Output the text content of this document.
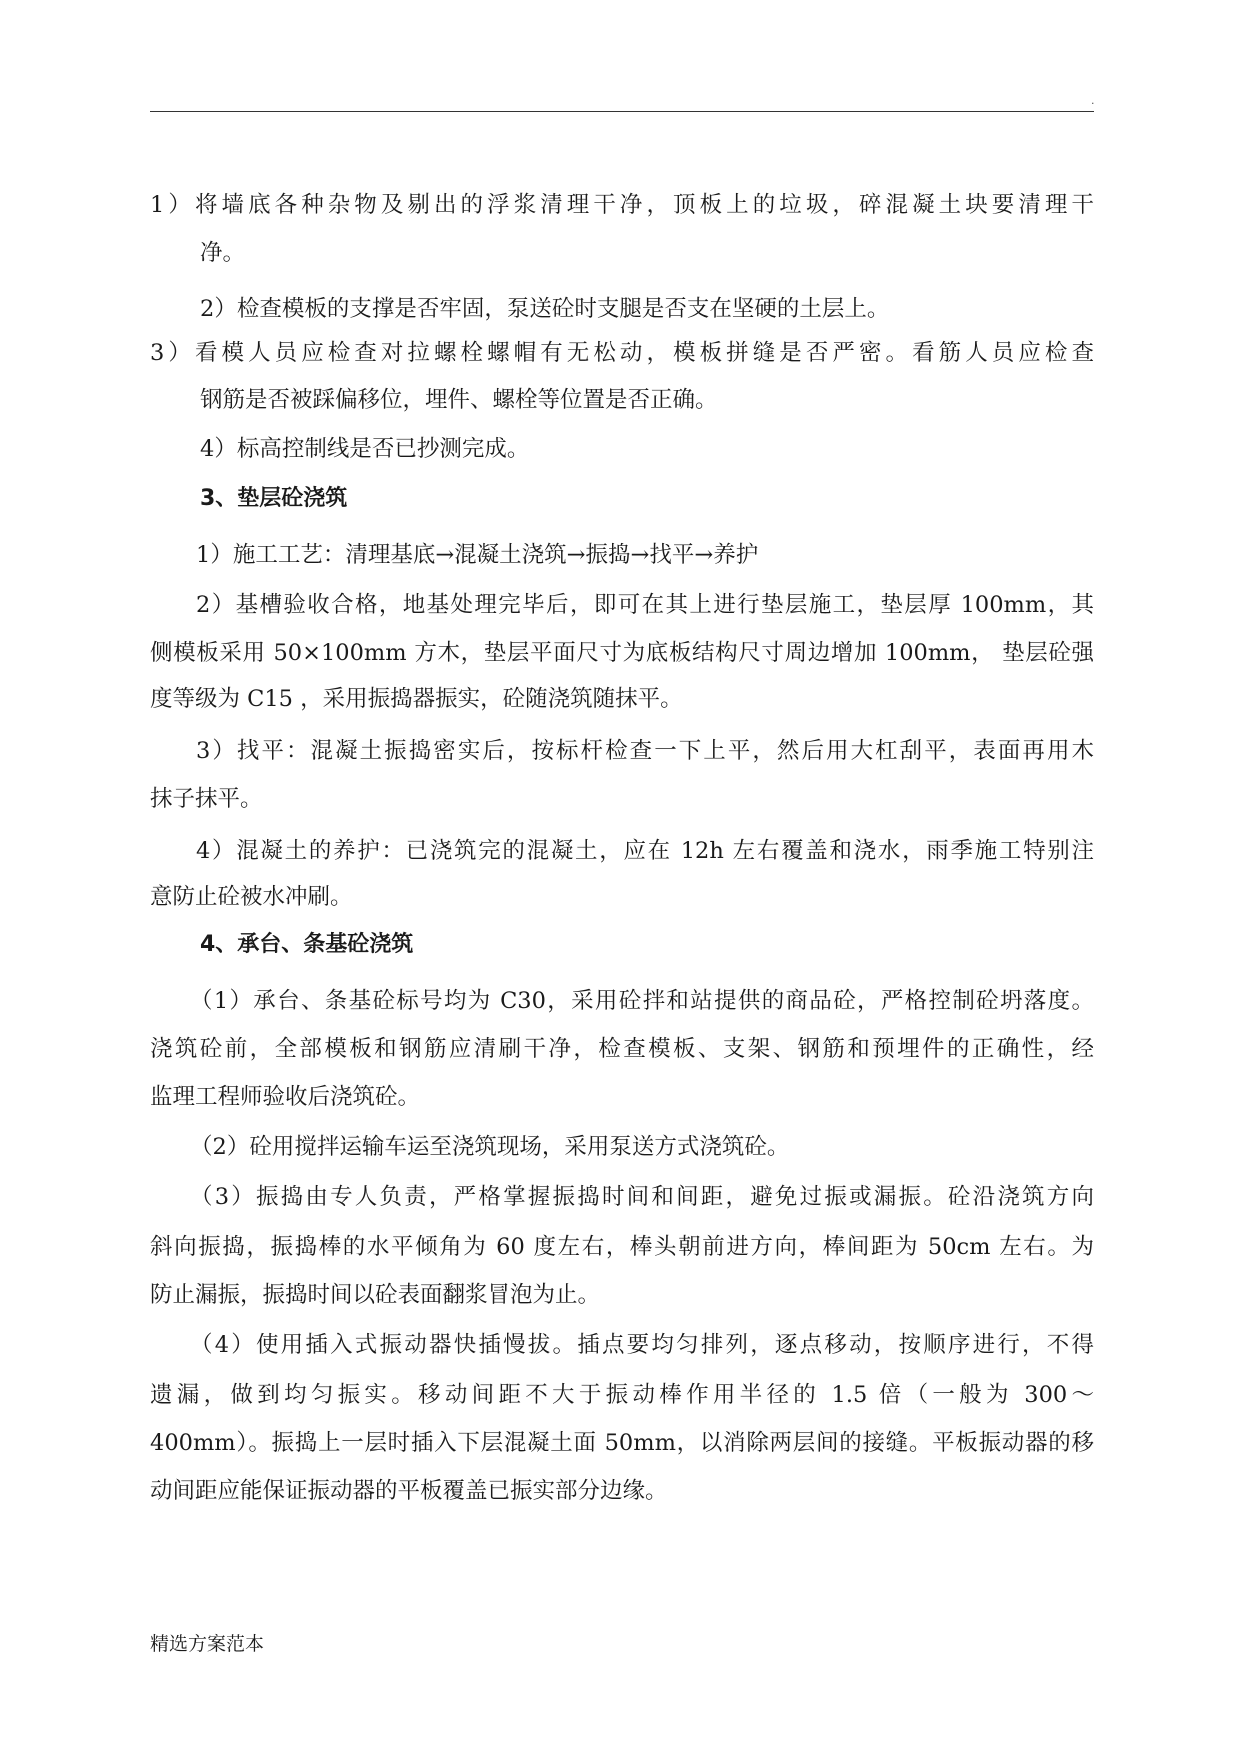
.
1）将墙底各种杂物及剔出的浮浆清理干净，顶板上的垃圾，碎混凝土块要清理干
净。
2）检查模板的支撑是否牢固，泵送砼时支腿是否支在坚硬的土层上。
3）看模人员应检查对拉螺栓螺帽有无松动，模板拼缝是否严密。看筋人员应检查
钢筋是否被踩偏移位，埋件、螺栓等位置是否正确。
4）标高控制线是否已抄测完成。
3、垫层砼浇筑
1）施工工艺：清理基底→混凝土浇筑→振捣→找平→养护
2）基槽验收合格，地基处理完毕后，即可在其上进行垫层施工，垫层厚 100mm，其
侧模板采用 50×100mm 方木，垫层平面尺寸为底板结构尺寸周边增加 100mm， 垫层砼强
度等级为 C15 ，采用振捣器振实，砼随浇筑随抹平。
3）找平：混凝土振捣密实后，按标杆检查一下上平，然后用大杠刮平，表面再用木
抹子抹平。
4）混凝土的养护：已浇筑完的混凝土，应在 12h 左右覆盖和浇水，雨季施工特别注
意防止砼被水冲刷。
4、承台、条基砼浇筑
（1）承台、条基砼标号均为 C30，采用砼拌和站提供的商品砼，严格控制砼坍落度。
浇筑砼前，全部模板和钢筋应清刷干净，检查模板、支架、钢筋和预埋件的正确性，经
监理工程师验收后浇筑砼。
（2）砼用搅拌运输车运至浇筑现场，采用泵送方式浇筑砼。
（3）振捣由专人负责，严格掌握振捣时间和间距，避免过振或漏振。砼沿浇筑方向
斜向振捣，振捣棒的水平倾角为 60 度左右，棒头朝前进方向，棒间距为 50cm 左右。为
防止漏振，振捣时间以砼表面翻浆冒泡为止。
（4）使用插入式振动器快插慢拔。插点要均匀排列，逐点移动，按顺序进行，不得
遗漏，做到均匀振实。移动间距不大于振动棒作用半径的 1.5 倍（一般为 300～
400mm）。振捣上一层时插入下层混凝土面 50mm，以消除两层间的接缝。平板振动器的移
动间距应能保证振动器的平板覆盖已振实部分边缘。
精选方案范本
